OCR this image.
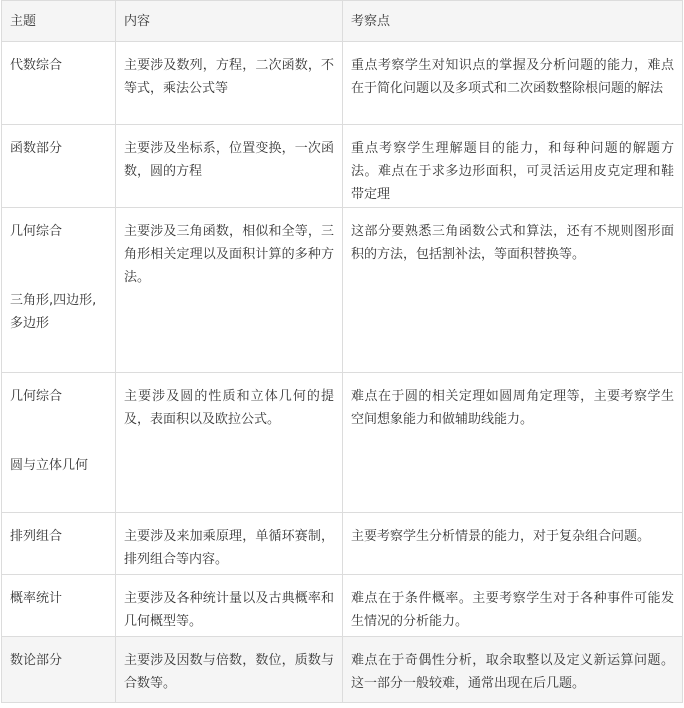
主题	内容	考察点

代数综合	主要涉及数列，方程，二次函数，不等式，乘法公式等	重点考察学生对知识点的掌握及分析问题的能力，难点在于简化问题以及多项式和二次函数整除根问题的解法

函数部分	主要涉及坐标系，位置变换，一次函数，圆的方程	重点考察学生理解题目的能力，和每种问题的解题方法。难点在于求多边形面积，可灵活运用皮克定理和鞋带定理

几何综合
三角形,四边形,
多边形	主要涉及三角函数，相似和全等，三角形相关定理以及面积计算的多种方法。	这部分要熟悉三角函数公式和算法，还有不规则图形面积的方法，包括割补法，等面积替换等。

几何综合
圆与立体几何	主要涉及圆的性质和立体几何的提及，表面积以及欧拉公式。	难点在于圆的相关定理如圆周角定理等，主要考察学生空间想象能力和做辅助线能力。

排列组合	主要涉及来加乘原理，单循环赛制，排列组合等内容。	主要考察学生分析情景的能力，对于复杂组合问题。

概率统计	主要涉及各种统计量以及古典概率和几何概型等。	难点在于条件概率。主要考察学生对于各种事件可能发生情况的分析能力。

数论部分	主要涉及因数与倍数，数位，质数与合数等。	难点在于奇偶性分析，取余取整以及定义新运算问题。这一部分一般较难，通常出现在后几题。
